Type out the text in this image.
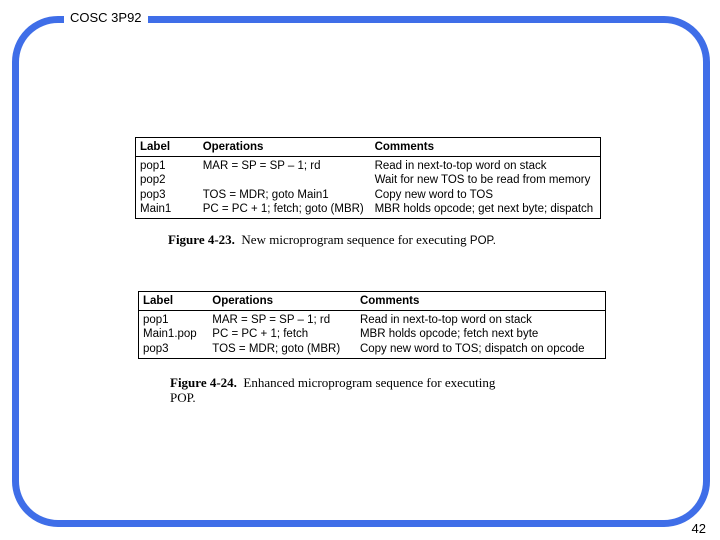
COSC 3P92
Label	Operations	Comments
pop1	MAR = SP = SP – 1; rd	Read in next-to-top word on stack
pop2		Wait for new TOS to be read from memory
pop3	TOS = MDR; goto Main1	Copy new word to TOS
Main1	PC = PC + 1; fetch; goto (MBR)	MBR holds opcode; get next byte; dispatch
Figure 4-23. New microprogram sequence for executing POP.
Label	Operations	Comments
pop1	MAR = SP = SP – 1; rd	Read in next-to-top word on stack
Main1.pop	PC = PC + 1; fetch	MBR holds opcode; fetch next byte
pop3	TOS = MDR; goto (MBR)	Copy new word to TOS; dispatch on opcode
Figure 4-24. Enhanced microprogram sequence for executing
POP.
42
